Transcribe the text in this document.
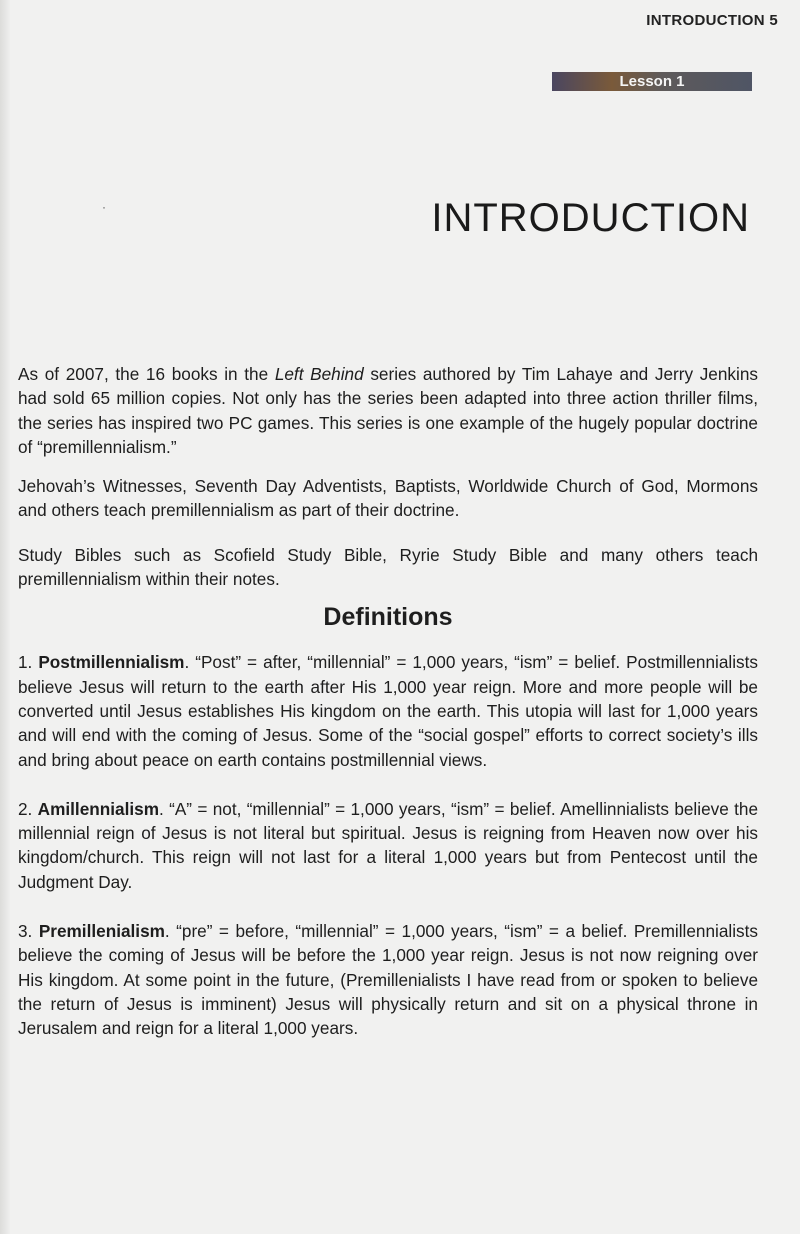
INTRODUCTION 5
Lesson 1
·	INTRODUCTION

As of 2007, the 16 books in the Left Behind series authored by Tim Lahaye and Jerry Jenkins had sold 65 million copies. Not only has the series been adapted into three action thriller films, the series has inspired two PC games. This series is one example of the hugely popular doctrine of “premillennialism.”

Jehovah’s Witnesses, Seventh Day Adventists, Baptists, Worldwide Church of God, Mormons and others teach premillennialism as part of their doctrine.

Study Bibles such as Scofield Study Bible, Ryrie Study Bible and many others teach premillennialism within their notes.

Definitions

1. Postmillennialism. “Post” = after, “millennial” = 1,000 years, “ism” = belief. Postmillennialists believe Jesus will return to the earth after His 1,000 year reign. More and more people will be converted until Jesus establishes His kingdom on the earth. This utopia will last for 1,000 years and will end with the coming of Jesus. Some of the “social gospel” efforts to correct society’s ills and bring about peace on earth contains postmillennial views.

2. Amillennialism. “A” = not, “millennial” = 1,000 years, “ism” = belief. Amellinnialists believe the millennial reign of Jesus is not literal but spiritual. Jesus is reigning from Heaven now over his kingdom/church. This reign will not last for a literal 1,000 years but from Pentecost until the Judgment Day.

3. Premillenialism. “pre” = before, “millennial” = 1,000 years, “ism” = a belief. Premillennialists believe the coming of Jesus will be before the 1,000 year reign. Jesus is not now reigning over His kingdom. At some point in the future, (Premillenialists I have read from or spoken to believe the return of Jesus is imminent) Jesus will physically return and sit on a physical throne in Jerusalem and reign for a literal 1,000 years.
